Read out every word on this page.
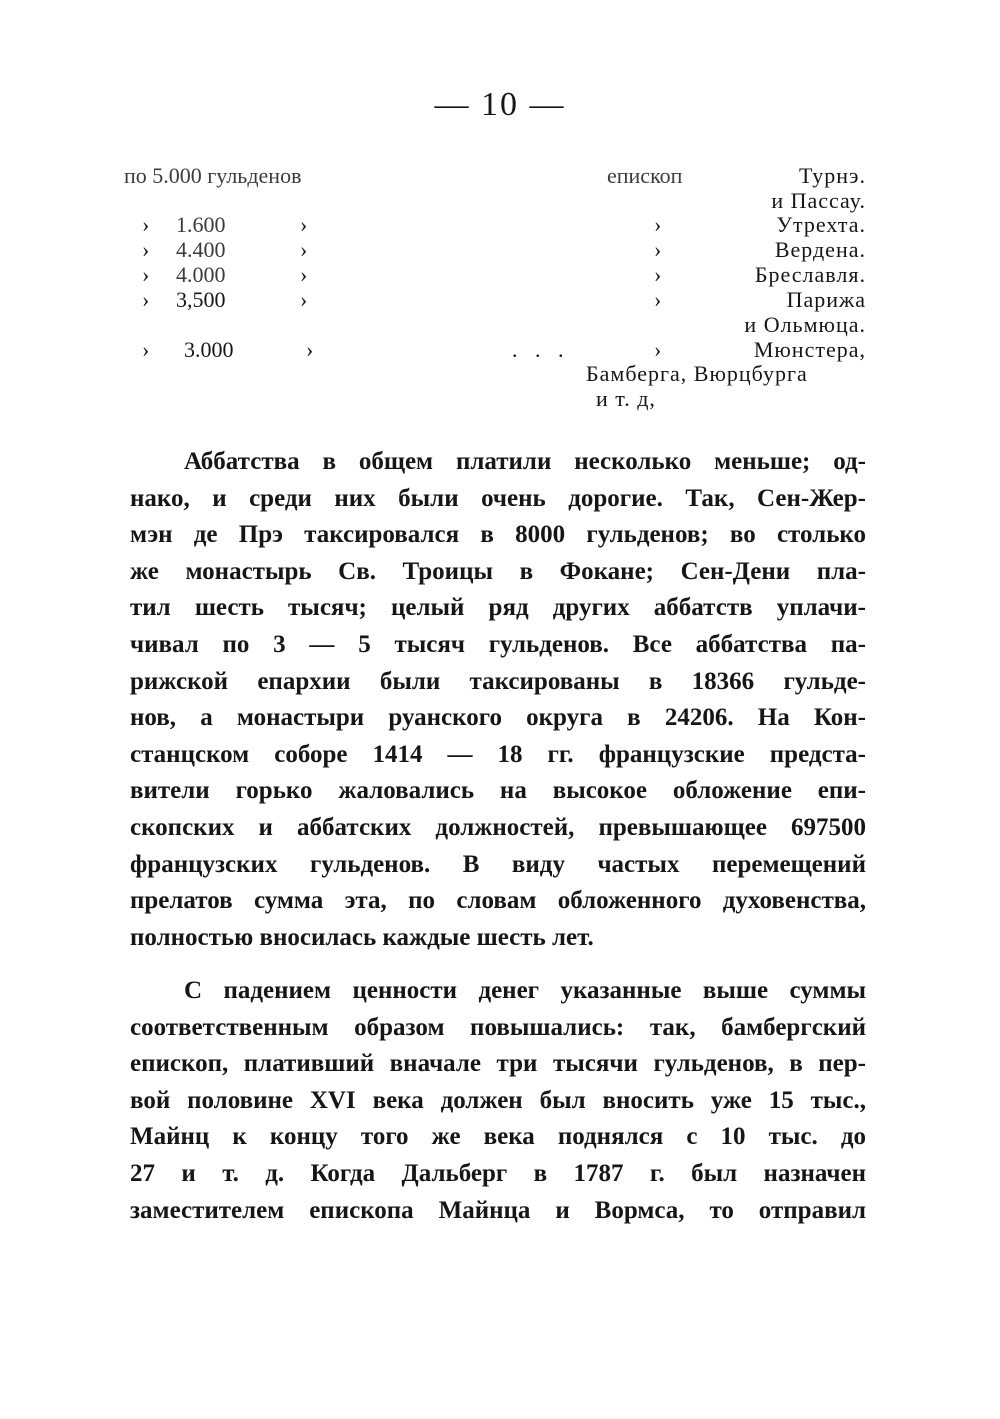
— 10 —
по 5.000 гульденов	епископ	Турнэ.
и Пассау.
› 1.600	›	›	Утрехта.
› 4.400	›	›	Вердена.
› 4.000	›	›	Бреславля.
› 3,500	›	›	Парижа
и Ольмюца.
› 3.000	›	. . .	›	Мюнстера,
Бамберга, Вюрцбурга
и т. д,
Аббатства в общем платили несколько меньше; од-
нако, и среди них были очень дорогие. Так, Сен-Жер-
мэн де Прэ таксировался в 8000 гульденов; во столько
же монастырь Св. Троицы в Фокане; Сен-Дени пла-
тил шесть тысяч; целый ряд других аббатств уплачи-
чивал по 3 — 5 тысяч гульденов. Все аббатства па-
рижской епархии были таксированы в 18366 гульде-
нов, а монастыри руанского округа в 24206. На Кон-
станцском соборе 1414 — 18 гг. французские предста-
вители горько жаловались на высокое обложение епи-
скопских и аббатских должностей, превышающее 697500
французских гульденов. В виду частых перемещений
прелатов сумма эта, по словам обложенного духовенства,
полностью вносилась каждые шесть лет.
С падением ценности денег указанные выше суммы
соответственным образом повышались: так, бамбергский
епископ, плативший вначале три тысячи гульденов, в пер-
вой половине XVI века должен был вносить уже 15 тыс.,
Майнц к концу того же века поднялся с 10 тыс. до
27 и т. д. Когда Дальберг в 1787 г. был назначен
заместителем епископа Майнца и Вормса, то отправил
